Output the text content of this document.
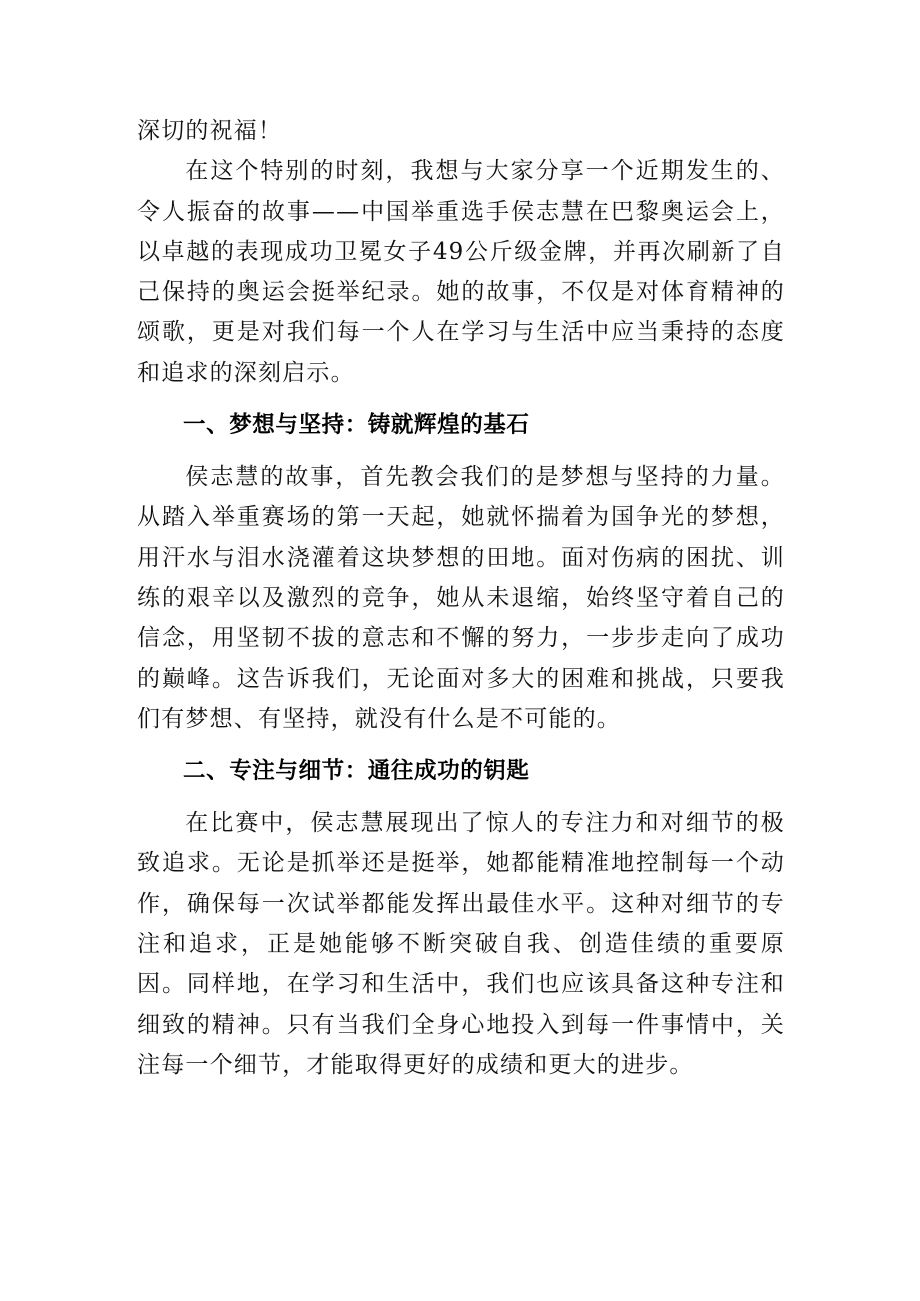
深切的祝福！

在这个特别的时刻，我想与大家分享一个近期发生的、令人振奋的故事——中国举重选手侯志慧在巴黎奥运会上，以卓越的表现成功卫冕女子49公斤级金牌，并再次刷新了自己保持的奥运会挺举纪录。她的故事，不仅是对体育精神的颂歌，更是对我们每一个人在学习与生活中应当秉持的态度和追求的深刻启示。

一、梦想与坚持：铸就辉煌的基石

侯志慧的故事，首先教会我们的是梦想与坚持的力量。从踏入举重赛场的第一天起，她就怀揣着为国争光的梦想，用汗水与泪水浇灌着这块梦想的田地。面对伤病的困扰、训练的艰辛以及激烈的竞争，她从未退缩，始终坚守着自己的信念，用坚韧不拔的意志和不懈的努力，一步步走向了成功的巅峰。这告诉我们，无论面对多大的困难和挑战，只要我们有梦想、有坚持，就没有什么是不可能的。

二、专注与细节：通往成功的钥匙

在比赛中，侯志慧展现出了惊人的专注力和对细节的极致追求。无论是抓举还是挺举，她都能精准地控制每一个动作，确保每一次试举都能发挥出最佳水平。这种对细节的专注和追求，正是她能够不断突破自我、创造佳绩的重要原因。同样地，在学习和生活中，我们也应该具备这种专注和细致的精神。只有当我们全身心地投入到每一件事情中，关注每一个细节，才能取得更好的成绩和更大的进步。
